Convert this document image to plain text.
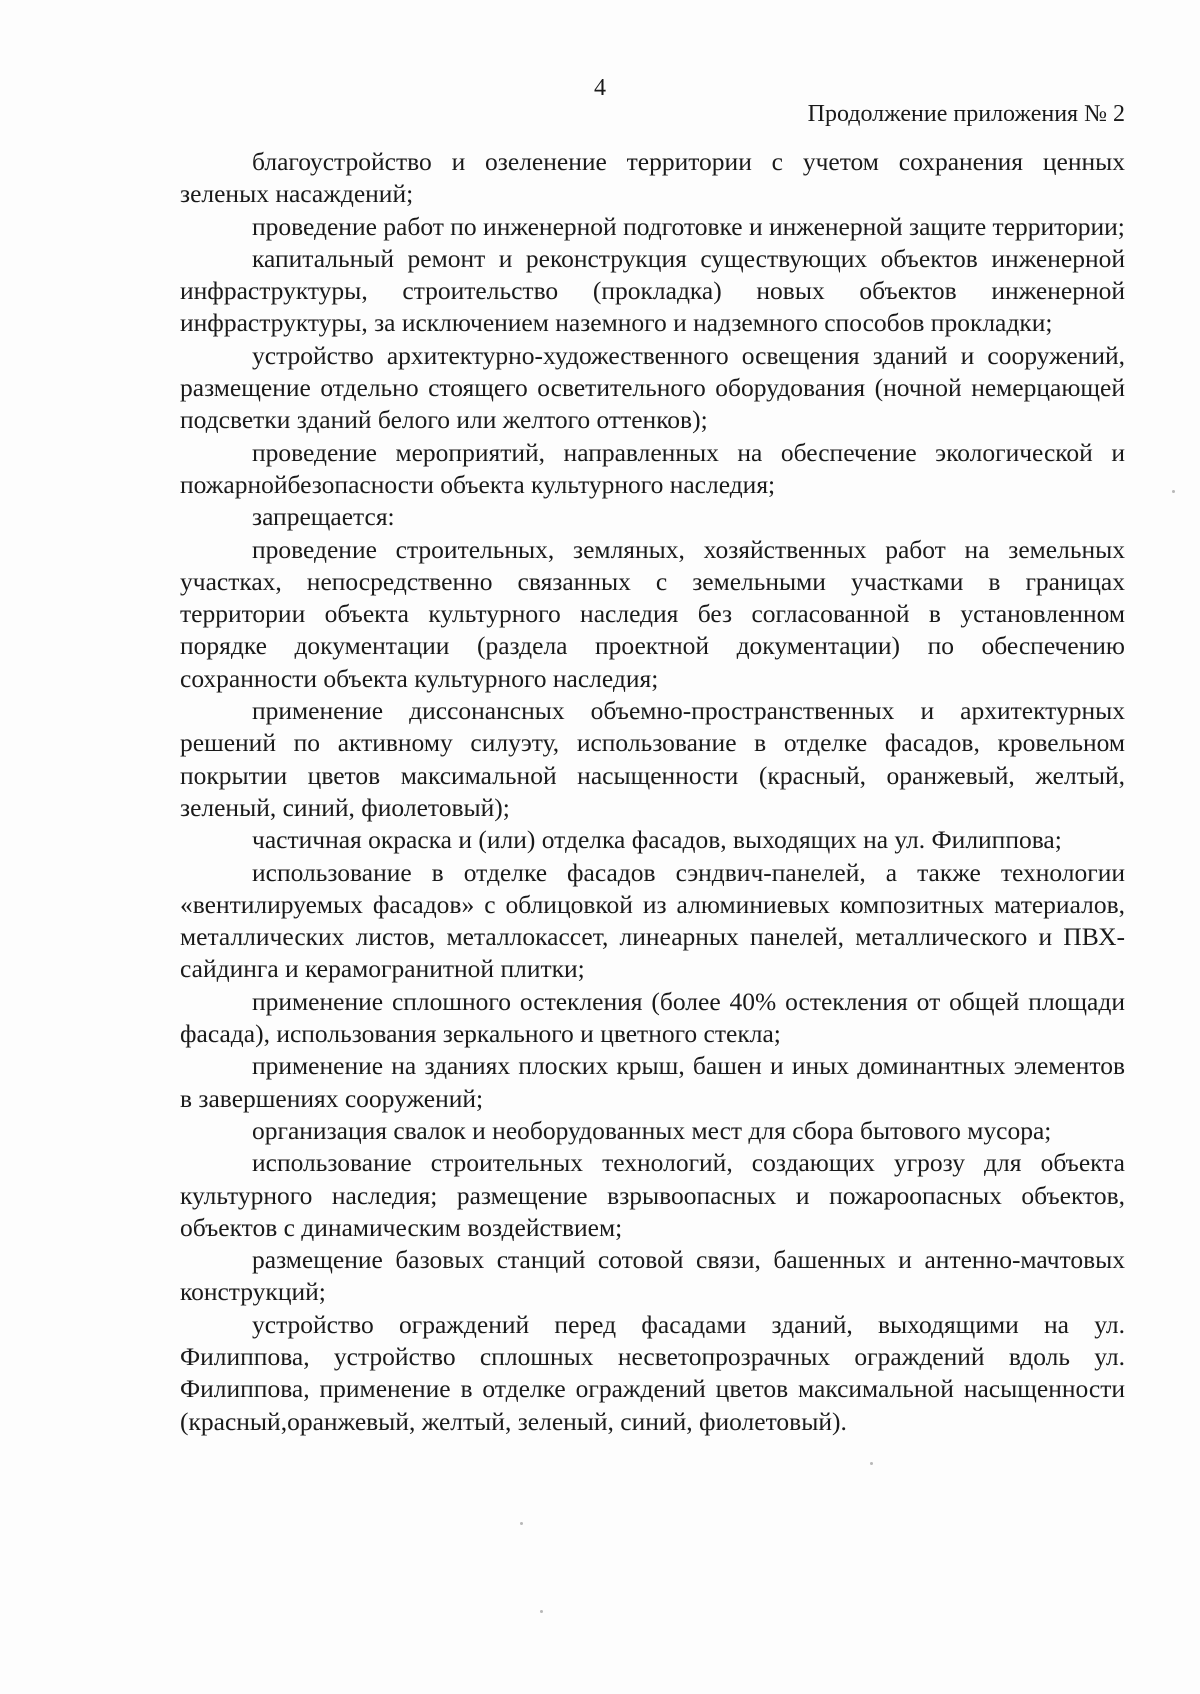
4
Продолжение приложения № 2

благоустройство и озеленение территории с учетом сохранения ценных зеленых насаждений;

проведение работ по инженерной подготовке и инженерной защите территории;

капитальный ремонт и реконструкция существующих объектов инженерной инфраструктуры, строительство (прокладка) новых объектов инженерной инфраструктуры, за исключением наземного и надземного способов прокладки;

устройство архитектурно-художественного освещения зданий и сооружений, размещение отдельно стоящего осветительного оборудования (ночной немерцающей подсветки зданий белого или желтого оттенков);

проведение мероприятий, направленных на обеспечение экологической и пожарнойбезопасности объекта культурного наследия;

запрещается:

проведение строительных, земляных, хозяйственных работ на земельных участках, непосредственно связанных с земельными участками в границах территории объекта культурного наследия без согласованной в установленном порядке документации (раздела проектной документации) по обеспечению сохранности объекта культурного наследия;

применение диссонансных объемно-пространственных и архитектурных решений по активному силуэту, использование в отделке фасадов, кровельном покрытии цветов максимальной насыщенности (красный, оранжевый, желтый, зеленый, синий, фиолетовый);

частичная окраска и (или) отделка фасадов, выходящих на ул. Филиппова;

использование в отделке фасадов сэндвич-панелей, а также технологии «вентилируемых фасадов» с облицовкой из алюминиевых композитных материалов, металлических листов, металлокассет, линеарных панелей, металлического и ПВХ-сайдинга и керамогранитной плитки;

применение сплошного остекления (более 40% остекления от общей площади фасада), использования зеркального и цветного стекла;

применение на зданиях плоских крыш, башен и иных доминантных элементов в завершениях сооружений;

организация свалок и необорудованных мест для сбора бытового мусора;

использование строительных технологий, создающих угрозу для объекта культурного наследия; размещение взрывоопасных и пожароопасных объектов, объектов с динамическим воздействием;

размещение базовых станций сотовой связи, башенных и антенно-мачтовых конструкций;

устройство ограждений перед фасадами зданий, выходящими на ул. Филиппова, устройство сплошных несветопрозрачных ограждений вдоль ул. Филиппова, применение в отделке ограждений цветов максимальной насыщенности (красный,оранжевый, желтый, зеленый, синий, фиолетовый).
